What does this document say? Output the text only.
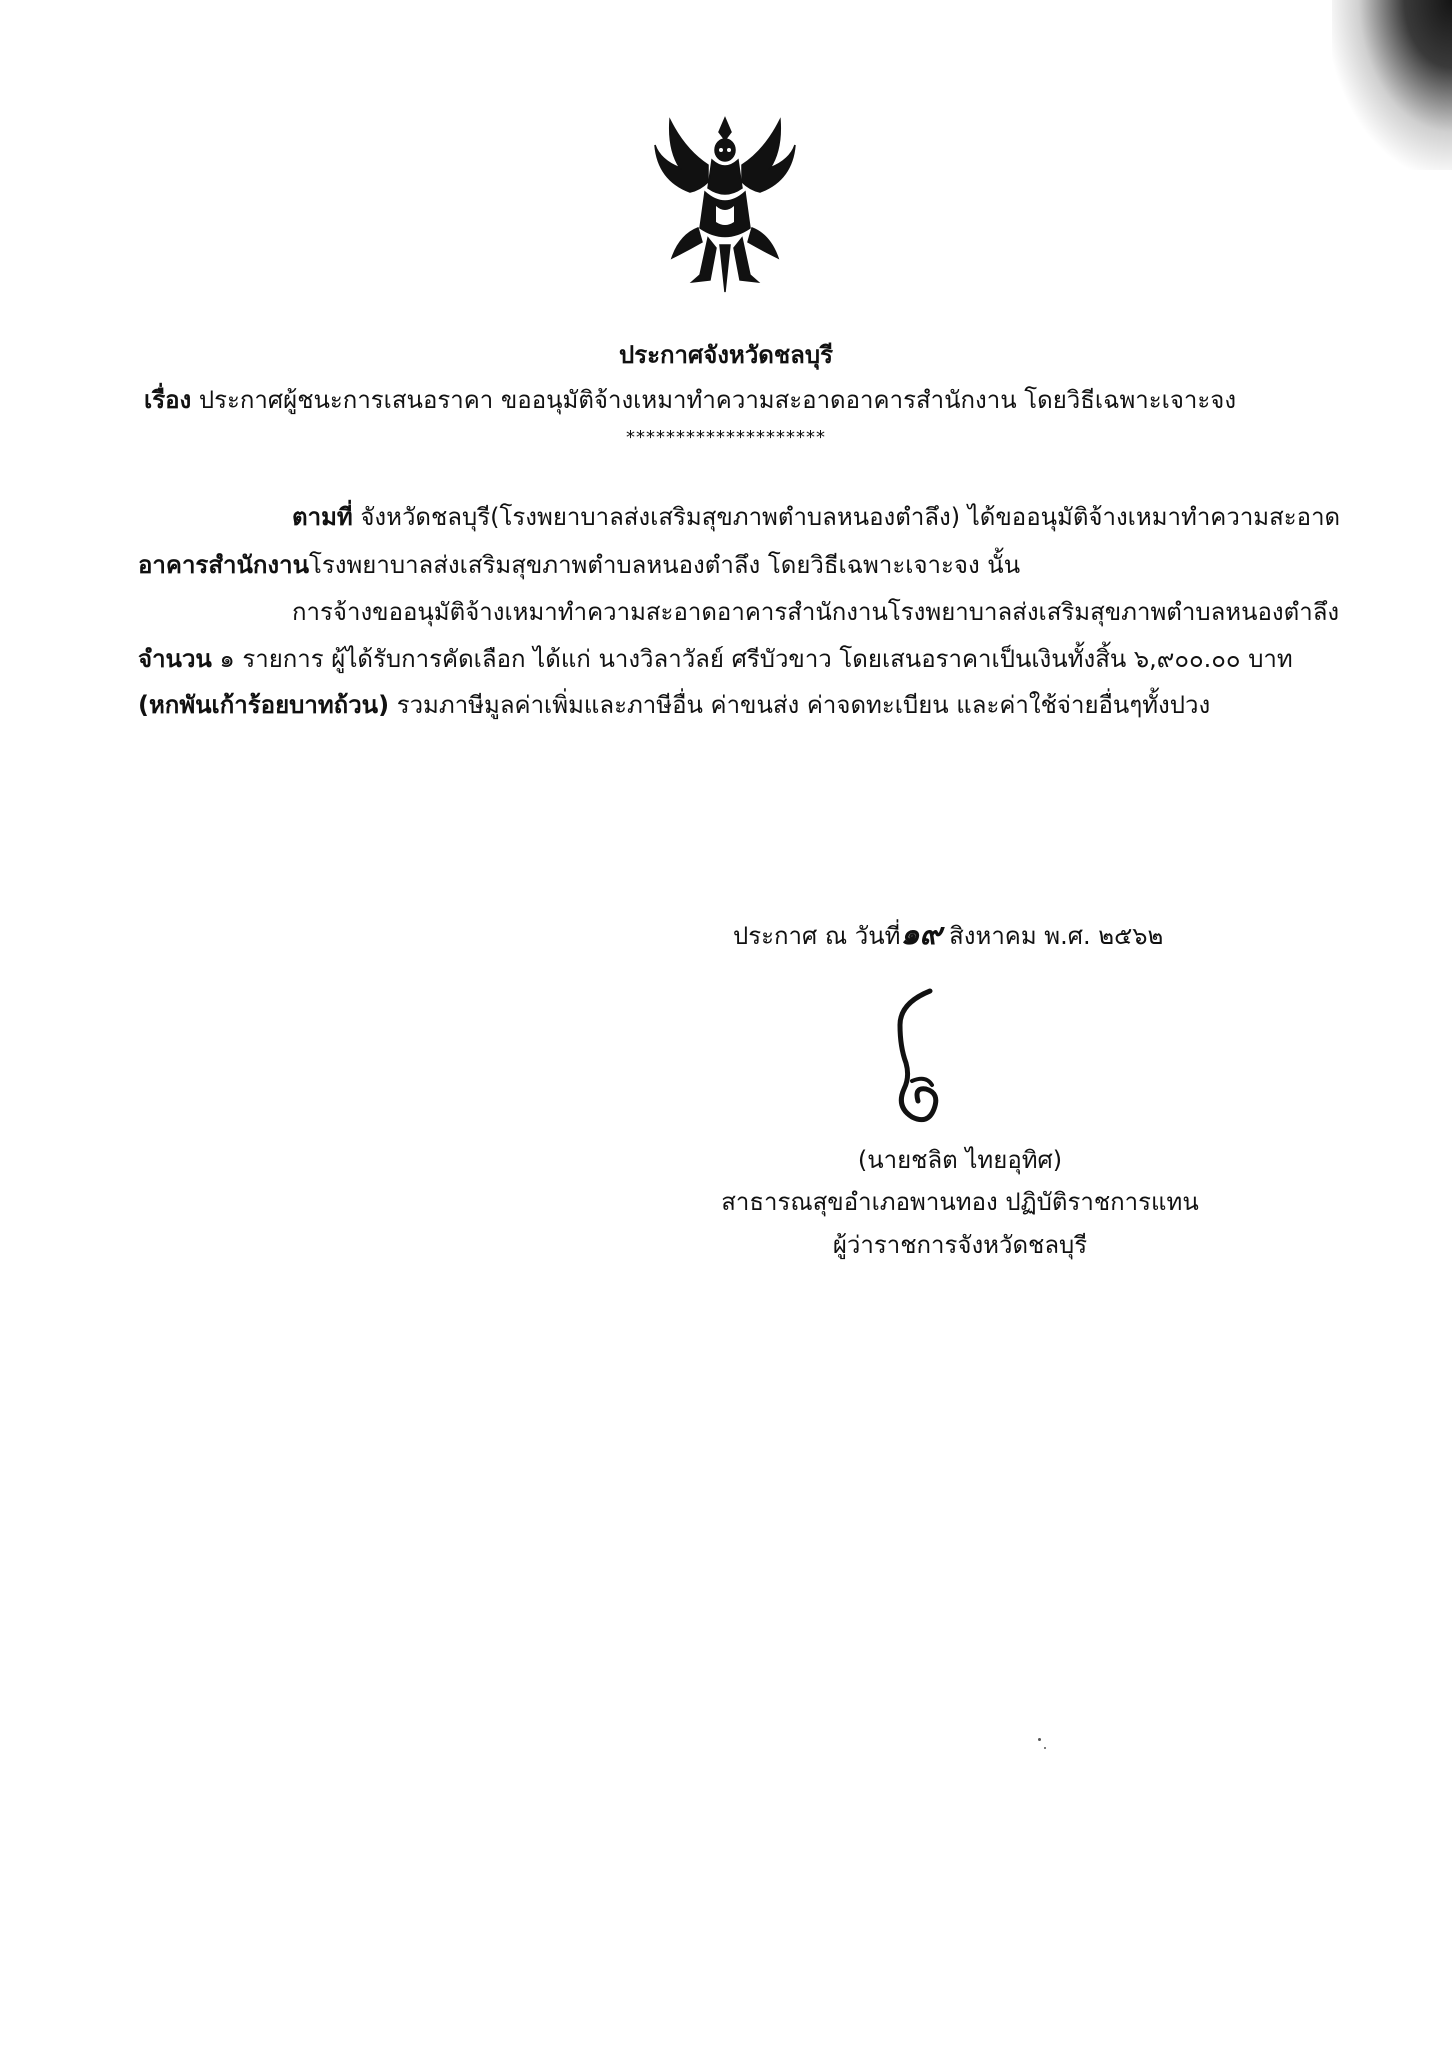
ประกาศจังหวัดชลบุรี
เรื่อง ประกาศผู้ชนะการเสนอราคา ขออนุมัติจ้างเหมาทำความสะอาดอาคารสำนักงาน โดยวิธีเฉพาะเจาะจง
********************
ตามที่ จังหวัดชลบุรี(โรงพยาบาลส่งเสริมสุขภาพตำบลหนองตำลึง) ได้ขออนุมัติจ้างเหมาทำความสะอาด
อาคารสำนักงานโรงพยาบาลส่งเสริมสุขภาพตำบลหนองตำลึง โดยวิธีเฉพาะเจาะจง นั้น
การจ้างขออนุมัติจ้างเหมาทำความสะอาดอาคารสำนักงานโรงพยาบาลส่งเสริมสุขภาพตำบลหนองตำลึง
จำนวน ๑ รายการ ผู้ได้รับการคัดเลือก ได้แก่ นางวิลาวัลย์ ศรีบัวขาว โดยเสนอราคาเป็นเงินทั้งสิ้น ๖,๙๐๐.๐๐ บาท
(หกพันเก้าร้อยบาทถ้วน) รวมภาษีมูลค่าเพิ่มและภาษีอื่น ค่าขนส่ง ค่าจดทะเบียน และค่าใช้จ่ายอื่นๆทั้งปวง
ประกาศ ณ วันที่๑๙ สิงหาคม พ.ศ. ๒๕๖๒
(นายชลิต ไทยอุทิศ)
สาธารณสุขอำเภอพานทอง ปฏิบัติราชการแทน
ผู้ว่าราชการจังหวัดชลบุรี
